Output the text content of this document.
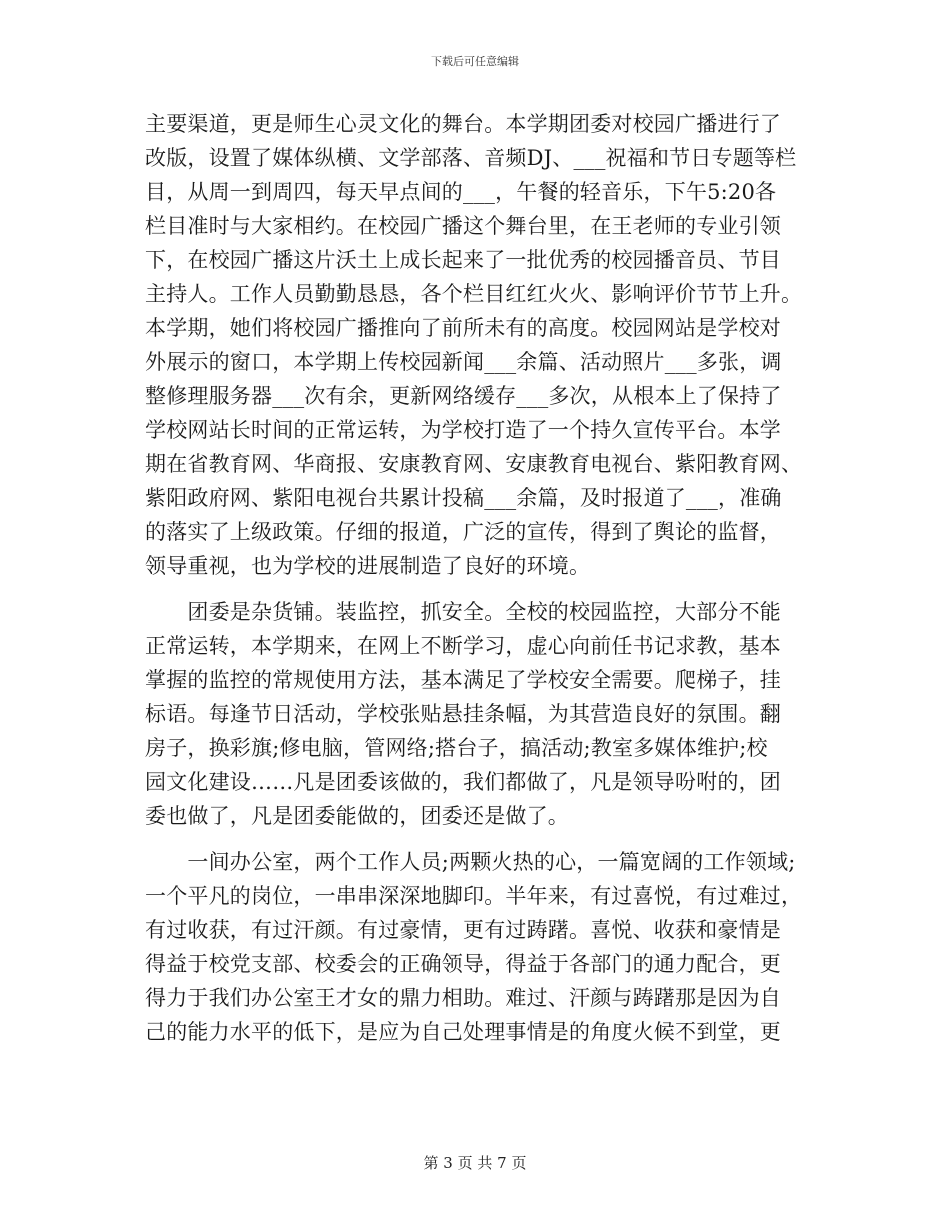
下载后可任意编辑
主要渠道，更是师生心灵文化的舞台。本学期团委对校园广播进行了
改版，设置了媒体纵横、文学部落、音频DJ、___祝福和节日专题等栏
目，从周一到周四，每天早点间的___，午餐的轻音乐，下午5:20各
栏目准时与大家相约。在校园广播这个舞台里，在王老师的专业引领
下，在校园广播这片沃土上成长起来了一批优秀的校园播音员、节目
主持人。工作人员勤勤恳恳，各个栏目红红火火、影响评价节节上升。
本学期，她们将校园广播推向了前所未有的高度。校园网站是学校对
外展示的窗口，本学期上传校园新闻___余篇、活动照片___多张，调
整修理服务器___次有余，更新网络缓存___多次，从根本上了保持了
学校网站长时间的正常运转，为学校打造了一个持久宣传平台。本学
期在省教育网、华商报、安康教育网、安康教育电视台、紫阳教育网、
紫阳政府网、紫阳电视台共累计投稿___余篇，及时报道了___，准确
的落实了上级政策。仔细的报道，广泛的宣传，得到了舆论的监督，
领导重视，也为学校的进展制造了良好的环境。
　　团委是杂货铺。装监控，抓安全。全校的校园监控，大部分不能
正常运转，本学期来，在网上不断学习，虚心向前任书记求教，基本
掌握的监控的常规使用方法，基本满足了学校安全需要。爬梯子，挂
标语。每逢节日活动，学校张贴悬挂条幅，为其营造良好的氛围。翻
房子，换彩旗;修电脑，管网络;搭台子，搞活动;教室多媒体维护;校
园文化建设……凡是团委该做的，我们都做了，凡是领导吩咐的，团
委也做了，凡是团委能做的，团委还是做了。
　　一间办公室，两个工作人员;两颗火热的心，一篇宽阔的工作领域;
一个平凡的岗位，一串串深深地脚印。半年来，有过喜悦，有过难过，
有过收获，有过汗颜。有过豪情，更有过踌躇。喜悦、收获和豪情是
得益于校党支部、校委会的正确领导，得益于各部门的通力配合，更
得力于我们办公室王才女的鼎力相助。难过、汗颜与踌躇那是因为自
己的能力水平的低下，是应为自己处理事情是的角度火候不到堂，更
第 3 页 共 7 页
